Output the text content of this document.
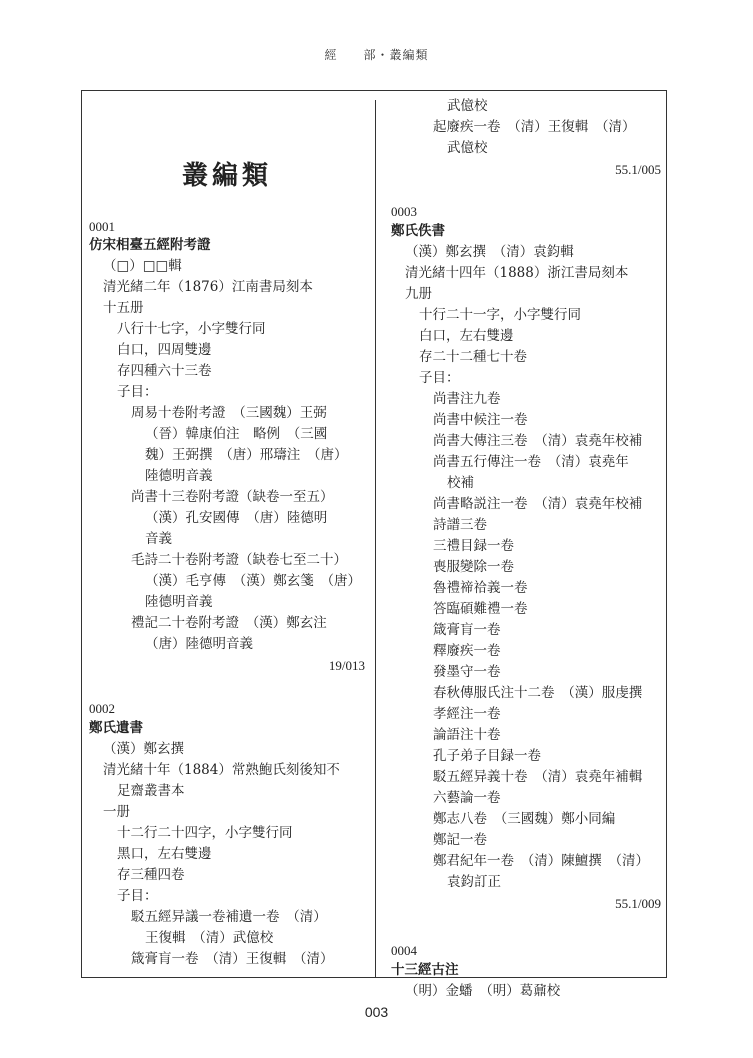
經　　部・叢編類
叢編類
0001
仿宋相臺五經附考證
（□）□□輯
清光緒二年（1876）江南書局刻本
十五册
八行十七字，小字雙行同
白口，四周雙邊
存四種六十三卷
子目：
周易十卷附考證　（三國魏）王弼
（晉）韓康伯注　略例　（三國
魏）王弼撰　（唐）邢璹注　（唐）
陸德明音義
尚書十三卷附考證（缺卷一至五）
（漢）孔安國傳　（唐）陸德明
音義
毛詩二十卷附考證（缺卷七至二十）
（漢）毛亨傳　（漢）鄭玄箋　（唐）
陸德明音義
禮記二十卷附考證　（漢）鄭玄注
（唐）陸德明音義
19/013
0002
鄭氏遺書
（漢）鄭玄撰
清光緒十年（1884）常熟鮑氏刻後知不
足齋叢書本
一册
十二行二十四字，小字雙行同
黑口，左右雙邊
存三種四卷
子目：
駁五經异議一卷補遺一卷　（清）
王復輯　（清）武億校
箴膏肓一卷　（清）王復輯　（清）
武億校
起廢疾一卷　（清）王復輯　（清）
武億校
55.1/005
0003
鄭氏佚書
（漢）鄭玄撰　（清）袁鈞輯
清光緒十四年（1888）浙江書局刻本
九册
十行二十一字，小字雙行同
白口，左右雙邊
存二十二種七十卷
子目：
尚書注九卷
尚書中候注一卷
尚書大傳注三卷　（清）袁堯年校補
尚書五行傳注一卷　（清）袁堯年
校補
尚書略説注一卷　（清）袁堯年校補
詩譜三卷
三禮目録一卷
喪服變除一卷
魯禮禘祫義一卷
答臨碩難禮一卷
箴膏肓一卷
釋廢疾一卷
發墨守一卷
春秋傳服氏注十二卷　（漢）服虔撰
孝經注一卷
論語注十卷
孔子弟子目録一卷
駁五經异義十卷　（清）袁堯年補輯
六藝論一卷
鄭志八卷　（三國魏）鄭小同編
鄭記一卷
鄭君紀年一卷　（清）陳鱣撰　（清）
袁鈞訂正
55.1/009
0004
十三經古注
（明）金蟠　（明）葛鼐校
003
